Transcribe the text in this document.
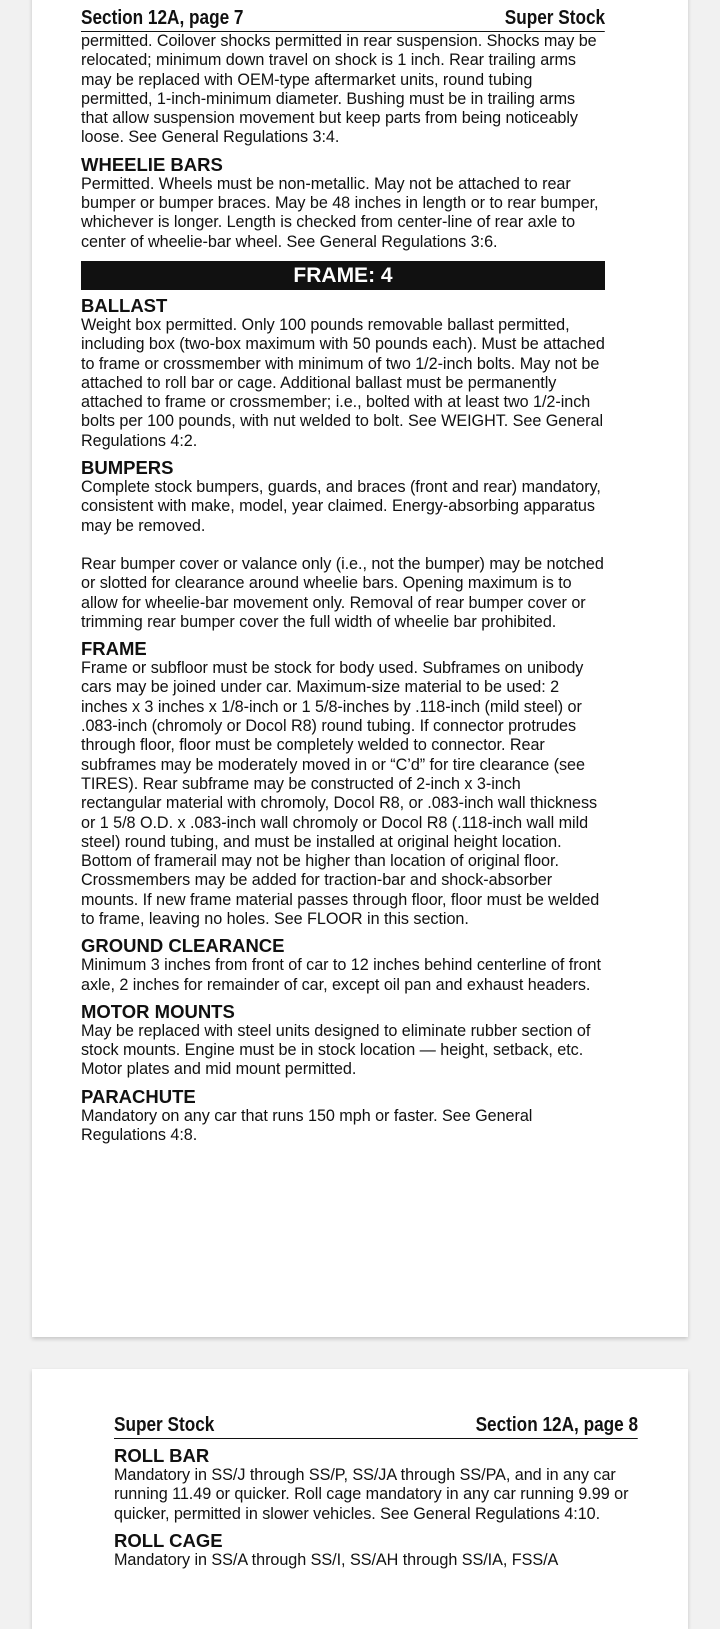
Section 12A, page 7	Super Stock

permitted. Coilover shocks permitted in rear suspension. Shocks may be relocated; minimum down travel on shock is 1 inch. Rear trailing arms may be replaced with OEM-type aftermarket units, round tubing permitted, 1-inch-minimum diameter. Bushing must be in trailing arms that allow suspension movement but keep parts from being noticeably loose. See General Regulations 3:4.

WHEELIE BARS

Permitted. Wheels must be non-metallic. May not be attached to rear bumper or bumper braces. May be 48 inches in length or to rear bumper, whichever is longer. Length is checked from center-line of rear axle to center of wheelie-bar wheel. See General Regulations 3:6.

FRAME: 4
BALLAST

Weight box permitted. Only 100 pounds removable ballast permitted, including box (two-box maximum with 50 pounds each). Must be attached to frame or crossmember with minimum of two 1/2-inch bolts. May not be attached to roll bar or cage. Additional ballast must be permanently attached to frame or crossmember; i.e., bolted with at least two 1/2-inch bolts per 100 pounds, with nut welded to bolt. See WEIGHT. See General Regulations 4:2.

BUMPERS

Complete stock bumpers, guards, and braces (front and rear) mandatory, consistent with make, model, year claimed. Energy-absorbing apparatus may be removed.

Rear bumper cover or valance only (i.e., not the bumper) may be notched or slotted for clearance around wheelie bars. Opening maximum is to allow for wheelie-bar movement only. Removal of rear bumper cover or trimming rear bumper cover the full width of wheelie bar prohibited.

FRAME

Frame or subfloor must be stock for body used. Subframes on unibody cars may be joined under car. Maximum-size material to be used: 2 inches x 3 inches x 1/8-inch or 1 5/8-inches by .118-inch (mild steel) or .083-inch (chromoly or Docol R8) round tubing. If connector protrudes through floor, floor must be completely welded to connector. Rear subframes may be moderately moved in or “C’d” for tire clearance (see TIRES). Rear subframe may be constructed of 2-inch x 3-inch rectangular material with chromoly, Docol R8, or .083-inch wall thickness or 1 5/8 O.D. x .083-inch wall chromoly or Docol R8 (.118-inch wall mild steel) round tubing, and must be installed at original height location. Bottom of framerail may not be higher than location of original floor. Crossmembers may be added for traction-bar and shock-absorber mounts. If new frame material passes through floor, floor must be welded to frame, leaving no holes. See FLOOR in this section.

GROUND CLEARANCE

Minimum 3 inches from front of car to 12 inches behind centerline of front axle, 2 inches for remainder of car, except oil pan and exhaust headers.

MOTOR MOUNTS

May be replaced with steel units designed to eliminate rubber section of stock mounts. Engine must be in stock location — height, setback, etc. Motor plates and mid mount permitted.

PARACHUTE

Mandatory on any car that runs 150 mph or faster. See General Regulations 4:8.

Super Stock	Section 12A, page 8
ROLL BAR

Mandatory in SS/J through SS/P, SS/JA through SS/PA, and in any car running 11.49 or quicker. Roll cage mandatory in any car running 9.99 or quicker, permitted in slower vehicles. See General Regulations 4:10.

ROLL CAGE

Mandatory in SS/A through SS/I, SS/AH through SS/IA, FSS/A
